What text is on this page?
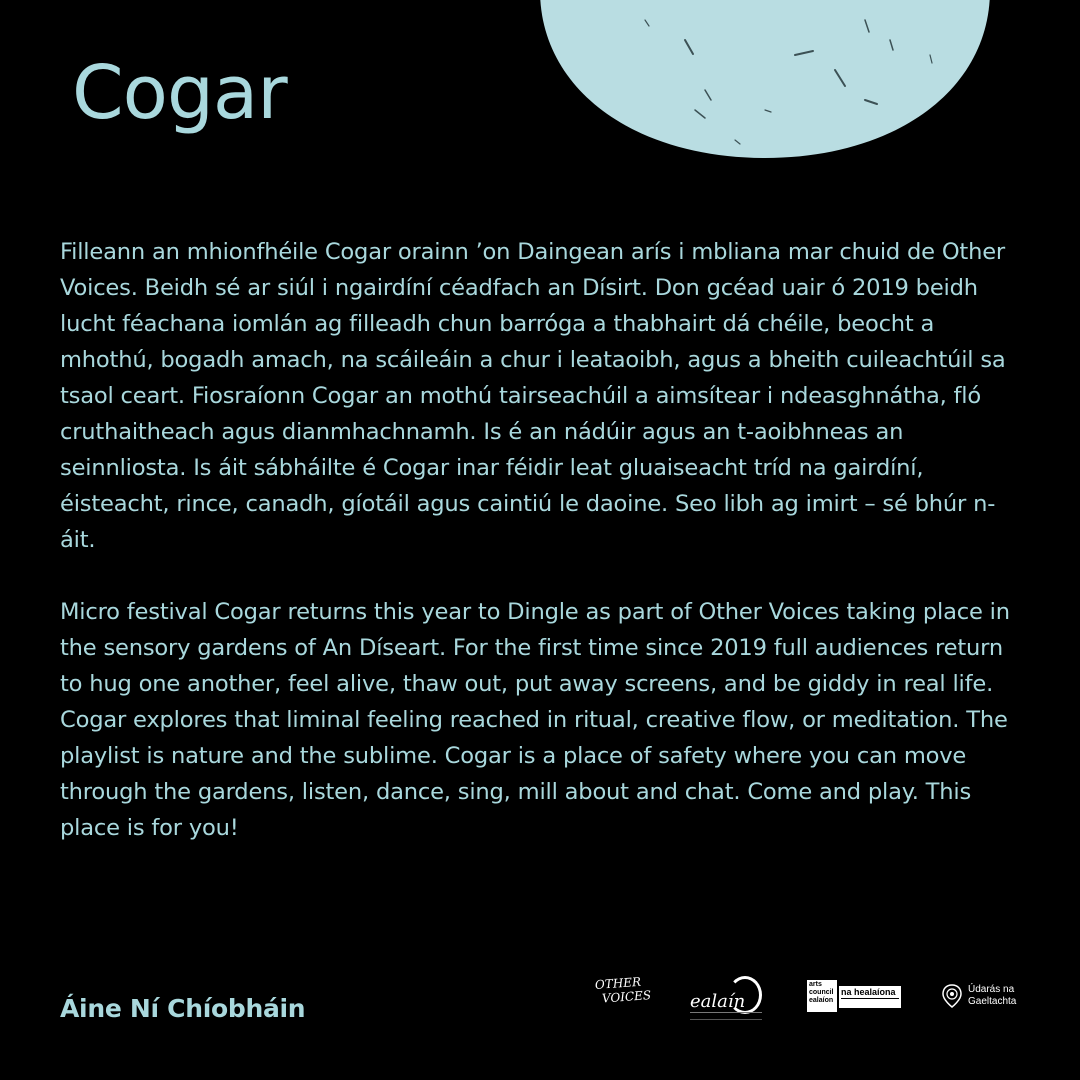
Cogar

Filleann an mhionfhéile Cogar orainn ’on Daingean arís i mbliana mar chuid de Other Voices. Beidh sé ar siúl i ngairdíní céadfach an Dísirt. Don gcéad uair ó 2019 beidh lucht féachana iomlán ag filleadh chun barróga a thabhairt dá chéile, beocht a mhothú, bogadh amach, na scáileáin a chur i leataoibh, agus a bheith cuileachtúil sa tsaol ceart. Fiosraíonn Cogar an mothú tairseachúil a aimsítear i ndeasghnátha, fló cruthaitheach agus dianmhachnamh. Is é an nádúir agus an t-aoibhneas an seinnliosta. Is áit sábháilte é Cogar inar féidir leat gluaiseacht tríd na gairdíní, éisteacht, rince, canadh, gíotáil agus caintiú le daoine. Seo libh ag imirt – sé bhúr n-áit.

Micro festival Cogar returns this year to Dingle as part of Other Voices taking place in the sensory gardens of An Díseart. For the first time since 2019 full audiences return to hug one another, feel alive, thaw out, put away screens, and be giddy in real life. Cogar explores that liminal feeling reached in ritual, creative flow, or meditation. The playlist is nature and the sublime. Cogar is a place of safety where you can move through the gardens, listen, dance, sing, mill about and chat. Come and play. This place is for you!

Áine Ní Chíobháin
OTHER
VOICES ealaín
arts
council
ealaíon
na healaíona	Údarás na
Gaeltachta
